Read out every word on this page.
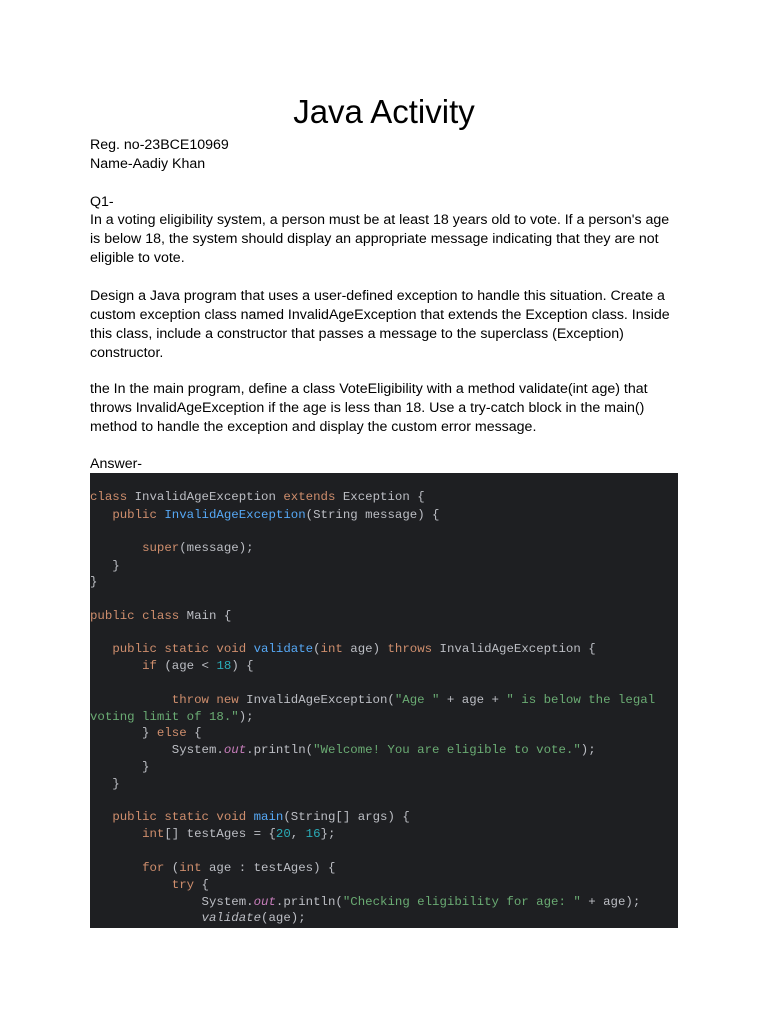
Java Activity
Reg. no-23BCE10969
Name-Aadiy Khan
Q1-
In a voting eligibility system, a person must be at least 18 years old to vote. If a person's age is below 18, the system should display an appropriate message indicating that they are not eligible to vote.
Design a Java program that uses a user-defined exception to handle this situation. Create a custom exception class named InvalidAgeException that extends the Exception class. Inside this class, include a constructor that passes a message to the superclass (Exception) constructor.
the In the main program, define a class VoteEligibility with a method validate(int age) that throws InvalidAgeException if the age is less than 18. Use a try-catch block in the main() method to handle the exception and display the custom error message.
Answer-
class InvalidAgeException extends Exception {
public InvalidAgeException(String message) {
super(message);
}
}
public class Main {
public static void validate(int age) throws InvalidAgeException {
if (age < 18) {
throw new InvalidAgeException("Age " + age + " is below the legal
voting limit of 18.");
} else {
System.out.println("Welcome! You are eligible to vote.");
}
}
public static void main(String[] args) {
int[] testAges = {20, 16};
for (int age : testAges) {
try {
System.out.println("Checking eligibility for age: " + age);
validate(age);
